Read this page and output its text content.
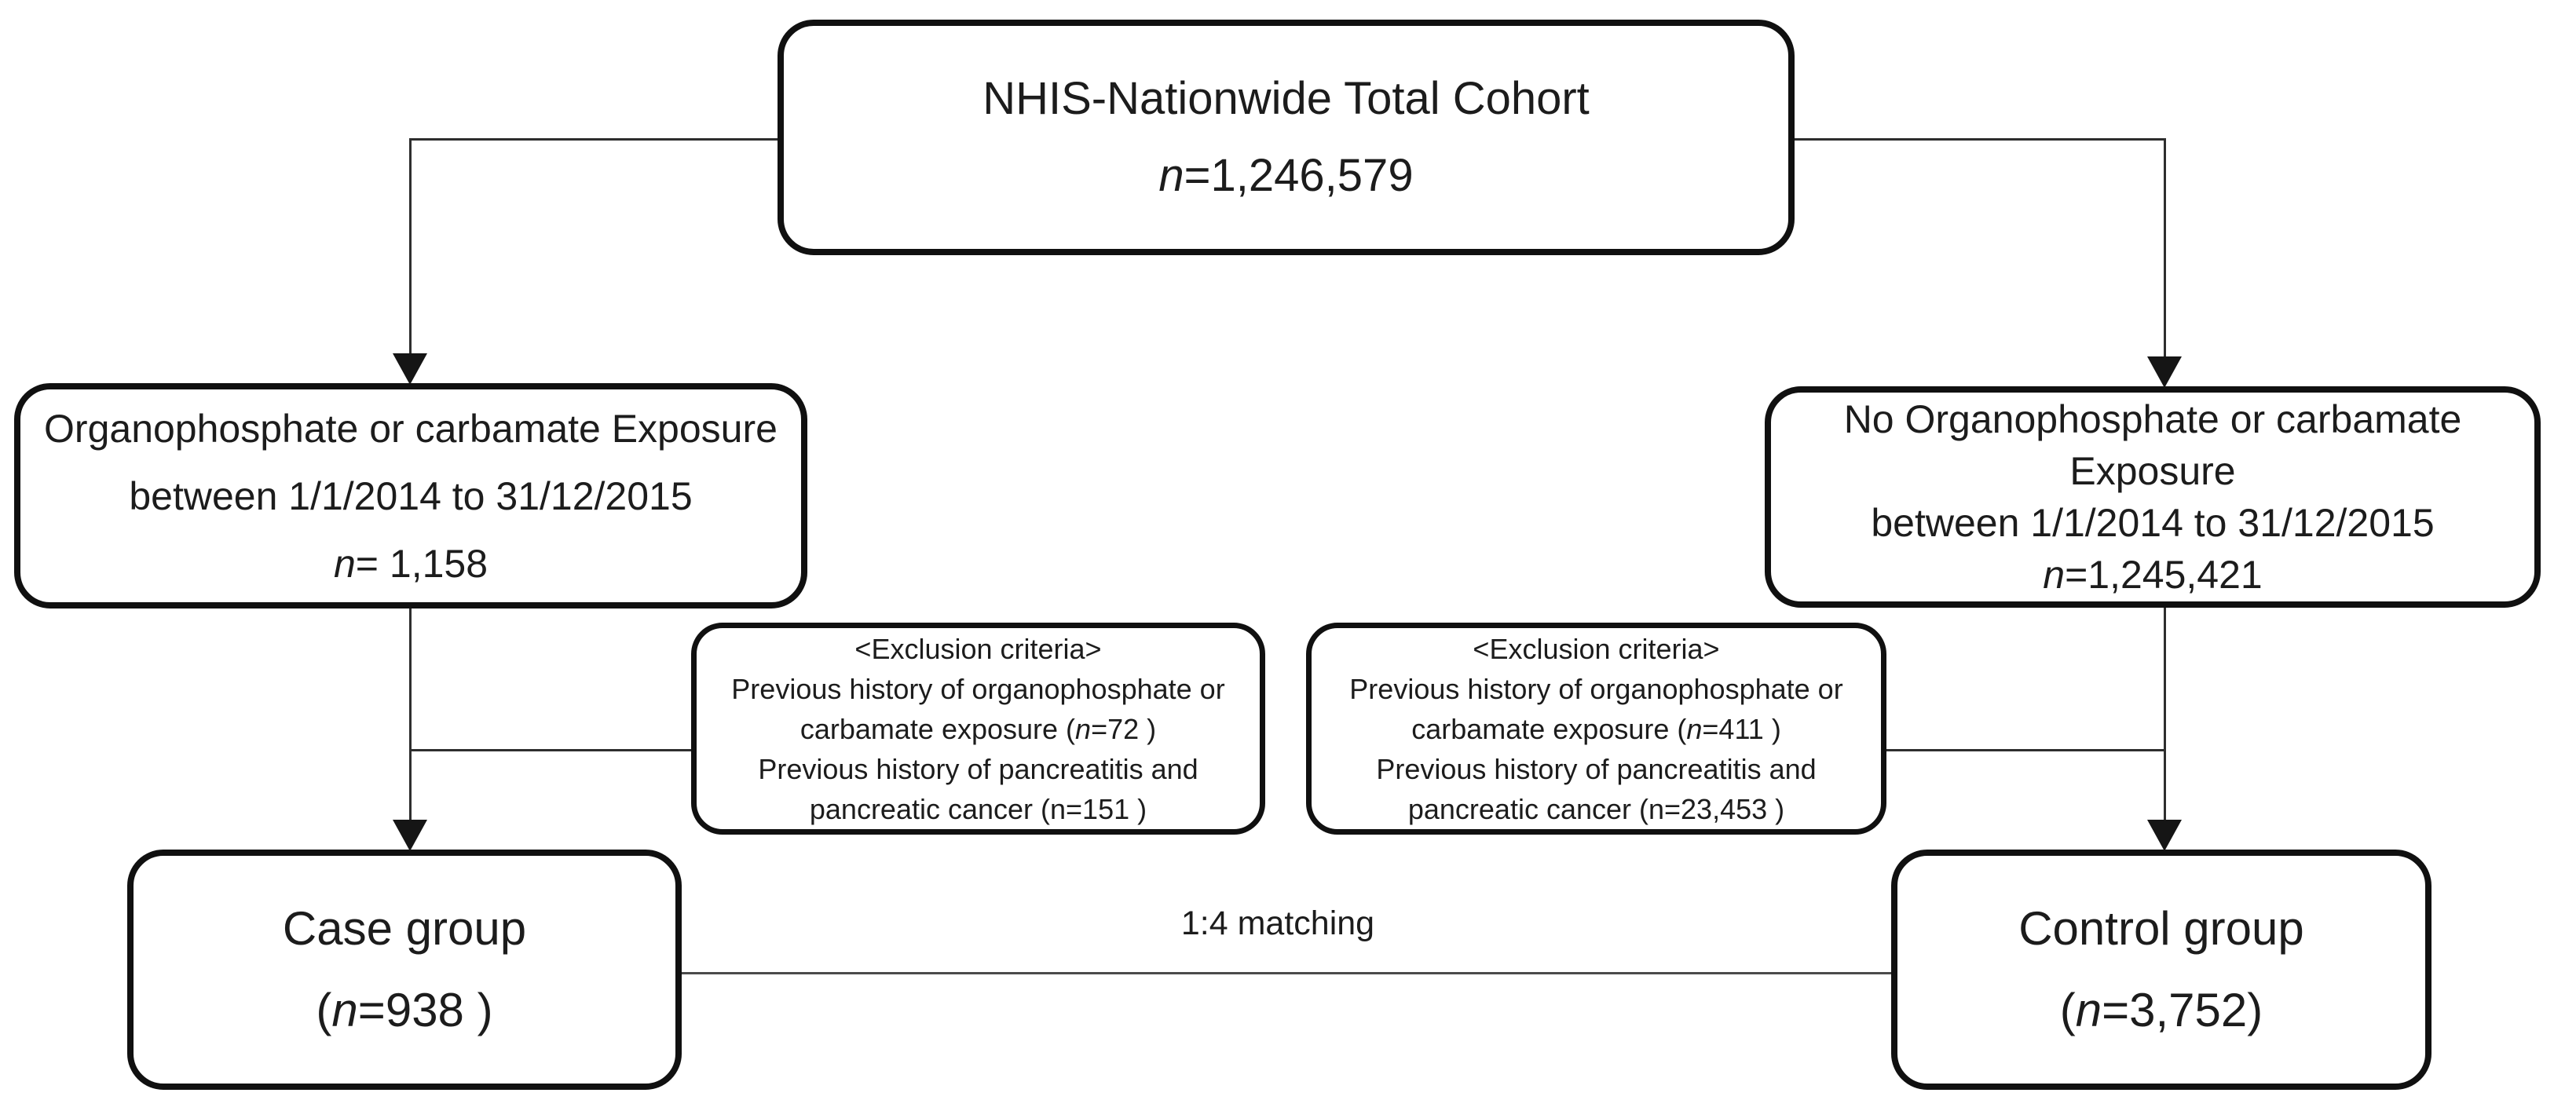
1:4 matching
NHIS-Nationwide Total Cohort
n=1,246,579
Organophosphate or carbamate Exposure
between 1/1/2014 to 31/12/2015
n= 1,158
No Organophosphate or carbamate
Exposure
between 1/1/2014 to 31/12/2015
n=1,245,421
<Exclusion criteria>
Previous history of organophosphate or
carbamate exposure (n=72 )
Previous history of pancreatitis and
pancreatic cancer (n=151 )
<Exclusion criteria>
Previous history of organophosphate or
carbamate exposure (n=411 )
Previous history of pancreatitis and
pancreatic cancer (n=23,453 )
Case group
(n=938 )
Control group
(n=3,752)
